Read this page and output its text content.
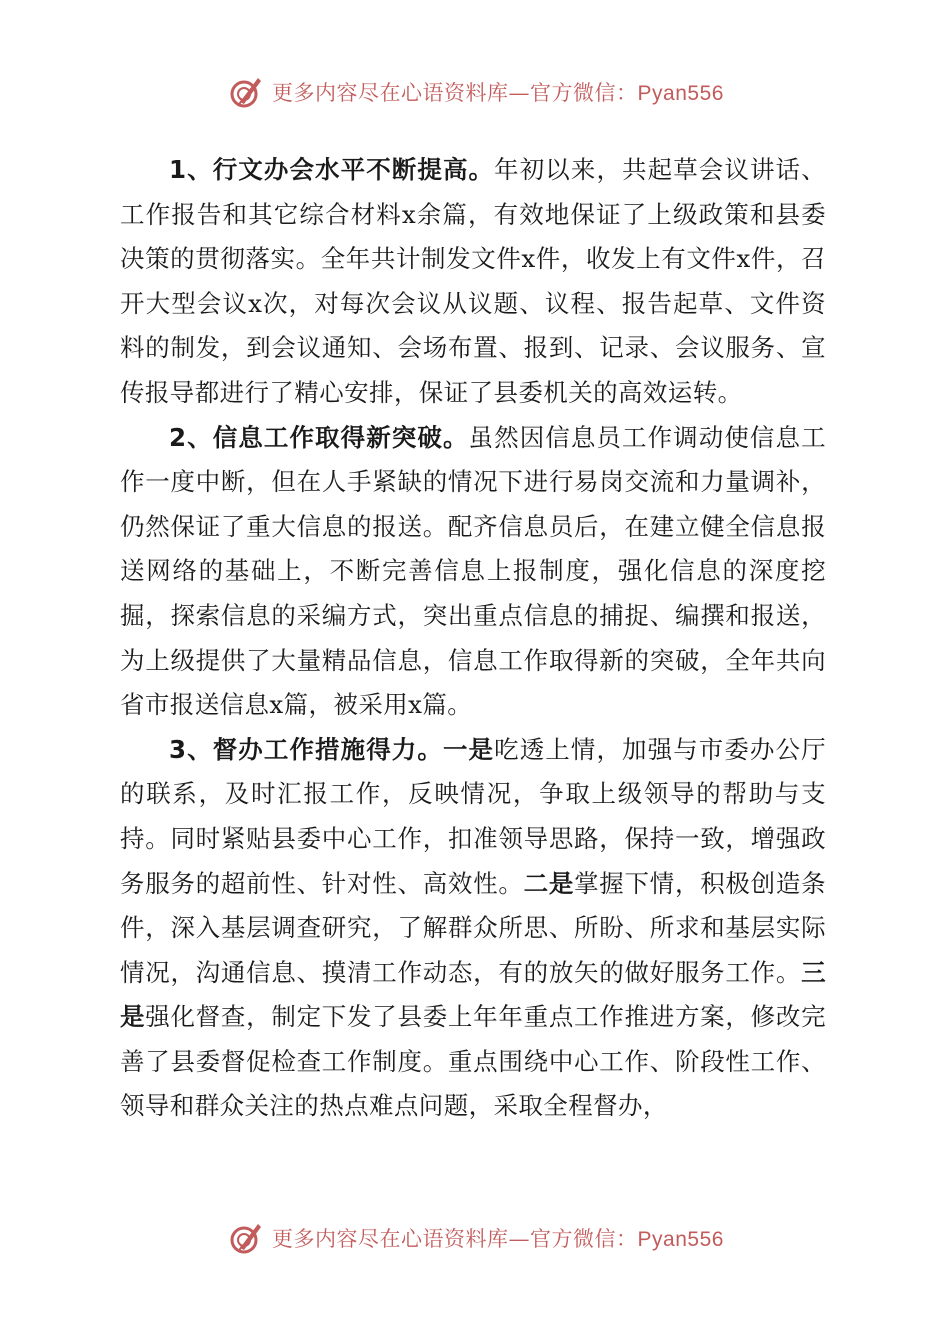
更多内容尽在心语资料库—官方微信：Pyan556

1、行文办会水平不断提高。年初以来，共起草会议讲话、工作报告和其它综合材料x余篇，有效地保证了上级政策和县委决策的贯彻落实。全年共计制发文件x件，收发上有文件x件，召开大型会议x次，对每次会议从议题、议程、报告起草、文件资料的制发，到会议通知、会场布置、报到、记录、会议服务、宣传报导都进行了精心安排，保证了县委机关的高效运转。

2、信息工作取得新突破。虽然因信息员工作调动使信息工作一度中断，但在人手紧缺的情况下进行易岗交流和力量调补，仍然保证了重大信息的报送。配齐信息员后，在建立健全信息报送网络的基础上，不断完善信息上报制度，强化信息的深度挖掘，探索信息的采编方式，突出重点信息的捕捉、编撰和报送，为上级提供了大量精品信息，信息工作取得新的突破，全年共向省市报送信息x篇，被采用x篇。

3、督办工作措施得力。一是吃透上情，加强与市委办公厅的联系，及时汇报工作，反映情况，争取上级领导的帮助与支持。同时紧贴县委中心工作，扣准领导思路，保持一致，增强政务服务的超前性、针对性、高效性。二是掌握下情，积极创造条件，深入基层调查研究，了解群众所思、所盼、所求和基层实际情况，沟通信息、摸清工作动态，有的放矢的做好服务工作。三是强化督查，制定下发了县委上年年重点工作推进方案，修改完善了县委督促检查工作制度。重点围绕中心工作、阶段性工作、领导和群众关注的热点难点问题，采取全程督办，

更多内容尽在心语资料库—官方微信：Pyan556
